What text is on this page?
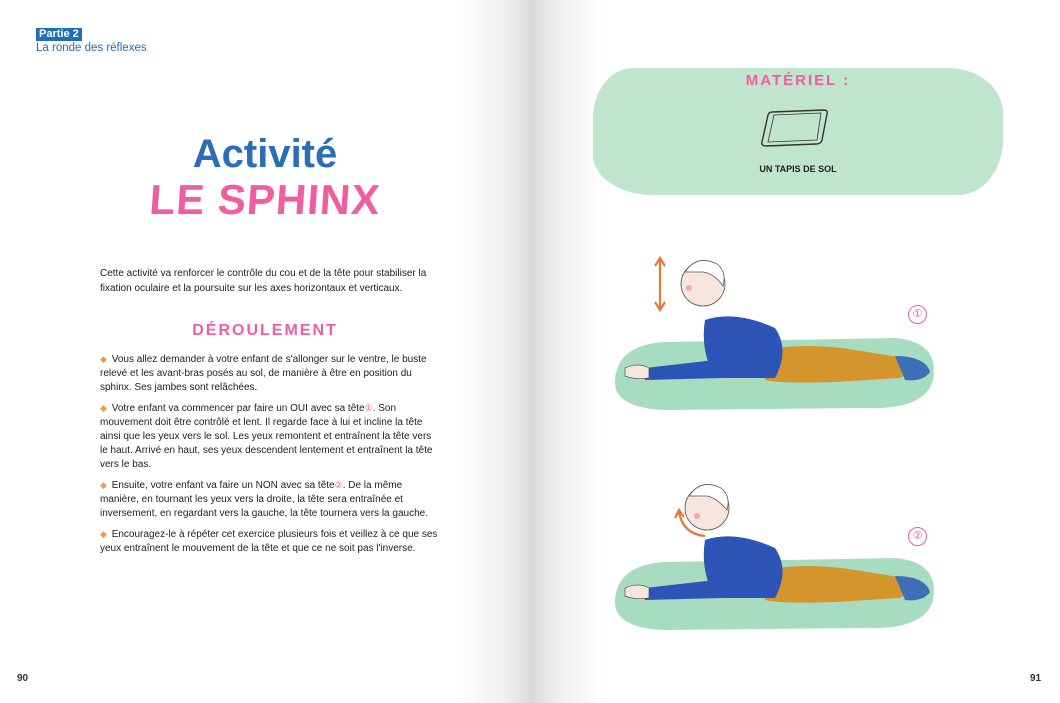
Partie 2
La ronde des réflexes
Activité
LE SPHINX

Cette activité va renforcer le contrôle du cou et de la tête pour stabiliser la fixation oculaire et la poursuite sur les axes horizontaux et verticaux.

DÉROULEMENT

◆ Vous allez demander à votre enfant de s'allonger sur le ventre, le buste relevé et les avant-bras posés au sol, de manière à être en position du sphinx. Ses jambes sont relâchées.

◆ Votre enfant va commencer par faire un OUI avec sa tête①. Son mouvement doit être contrôlé et lent. Il regarde face à lui et incline la tête ainsi que les yeux vers le sol. Les yeux remontent et entraînent la tête vers le haut. Arrivé en haut, ses yeux descendent lentement et entraînent la tête vers le bas.

◆ Ensuite, votre enfant va faire un NON avec sa tête②. De la même manière, en tournant les yeux vers la droite, la tête sera entraînée et inversement, en regardant vers la gauche, la tête tournera vers la gauche.

◆ Encouragez-le à répéter cet exercice plusieurs fois et veillez à ce que ses yeux entraînent le mouvement de la tête et que ce ne soit pas l'inverse.

90
MATÉRIEL :
UN TAPIS DE SOL
①
②
91
